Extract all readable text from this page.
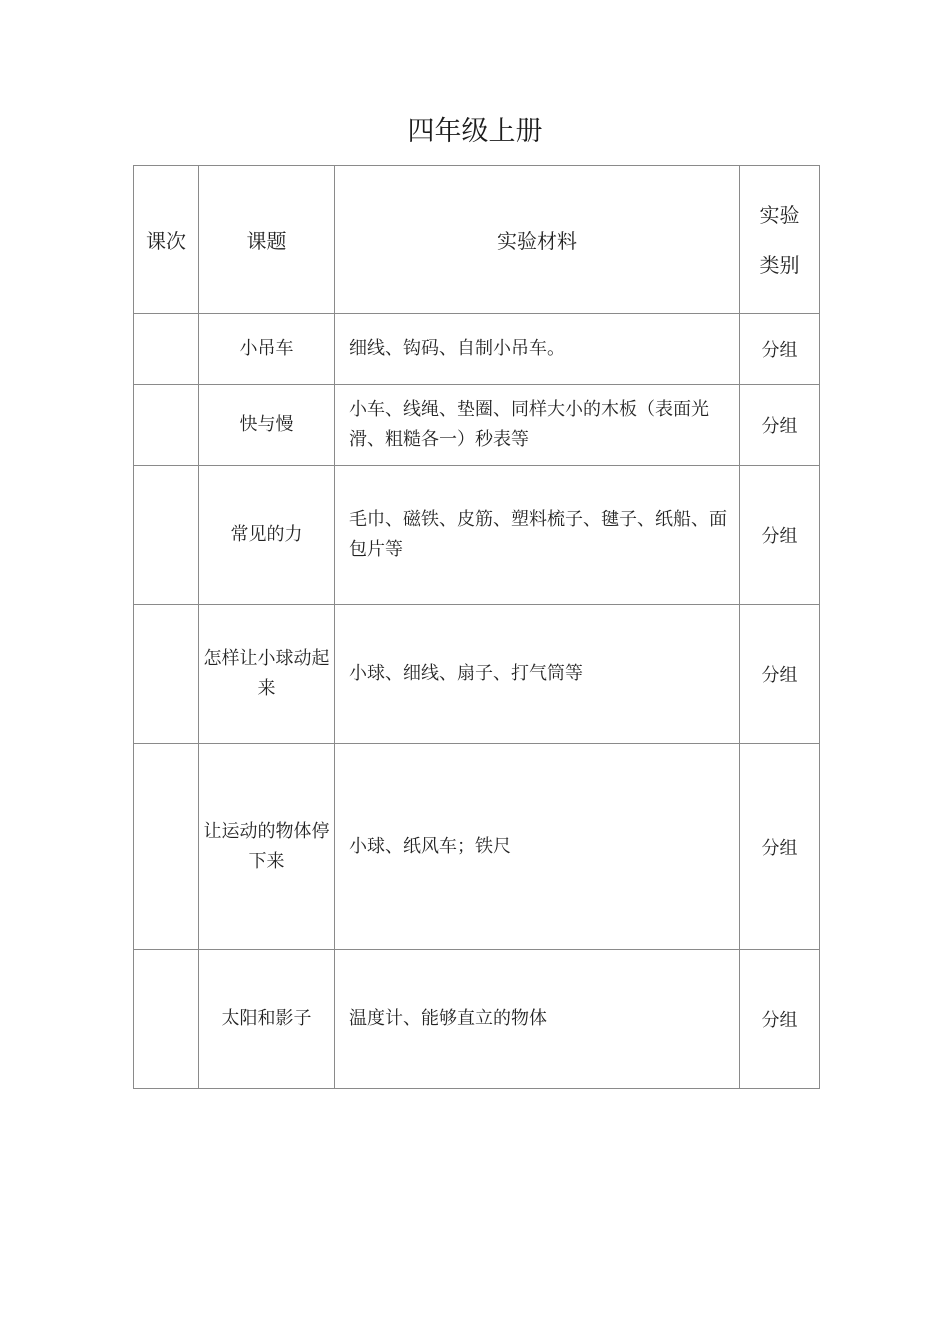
四年级上册
课次	课题	实验材料	实验
类别

	小吊车	细线、钩码、自制小吊车。	分组
	快与慢	小车、线绳、垫圈、同样大小的木板（表面光滑、粗糙各一）秒表等	分组
	常见的力	毛巾、磁铁、皮筋、塑料梳子、毽子、纸船、面包片等	分组
	怎样让小球动起来	小球、细线、扇子、打气筒等	分组
	让运动的物体停下来	小球、纸风车；铁尺	分组
	太阳和影子	温度计、能够直立的物体	分组
